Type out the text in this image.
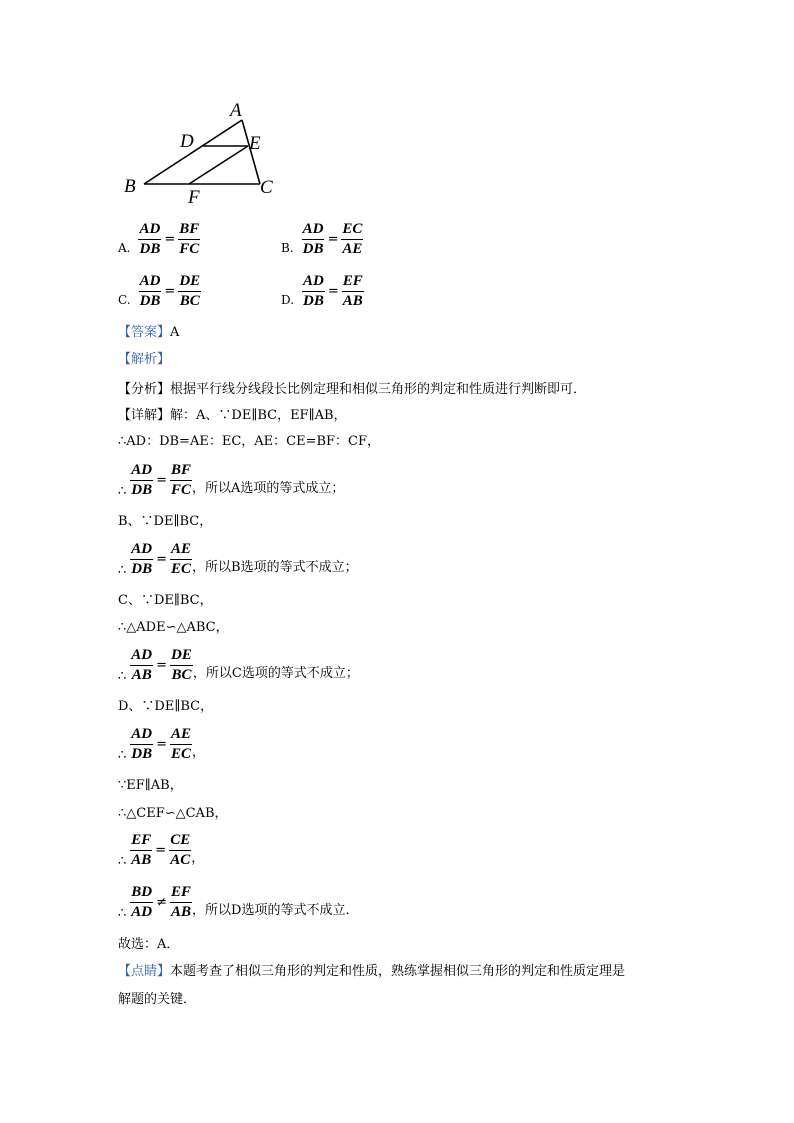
A
D	E
B
F	C
A. $\frac{AD}{DB} = \frac{BF}{FC}$	B. $\frac{AD}{DB} = \frac{EC}{AE}$
C. $\frac{AD}{DB} = \frac{DE}{BC}$	D. $\frac{AD}{DB} = \frac{EF}{AB}$
【答案】A
【解析】
【分析】根据平行线分线段长比例定理和相似三角形的判定和性质进行判断即可．
【详解】解：A、∵DE∥BC，EF∥AB，
∴AD：DB=AE：EC，AE：CE=BF：CF，
∴ $\frac{AD}{DB} = \frac{BF}{FC}$ ，所以A选项的等式成立；
B、∵DE∥BC，
∴ $\frac{AD}{DB} = \frac{AE}{EC}$ ，所以B选项的等式不成立；
C、∵DE∥BC，
∴△ADE∽△ABC，
∴ $\frac{AD}{AB} = \frac{DE}{BC}$ ，所以C选项的等式不成立；
D、∵DE∥BC，
∴ $\frac{AD}{DB} = \frac{AE}{EC}$ ，
∵EF∥AB，
∴△CEF∽△CAB，
∴ $\frac{EF}{AB} = \frac{CE}{AC}$ ，
∴ $\frac{BD}{AD} \ne \frac{EF}{AB}$ ，所以D选项的等式不成立．
故选：A．
【点睛】本题考查了相似三角形的判定和性质，熟练掌握相似三角形的判定和性质定理是
解题的关键．
